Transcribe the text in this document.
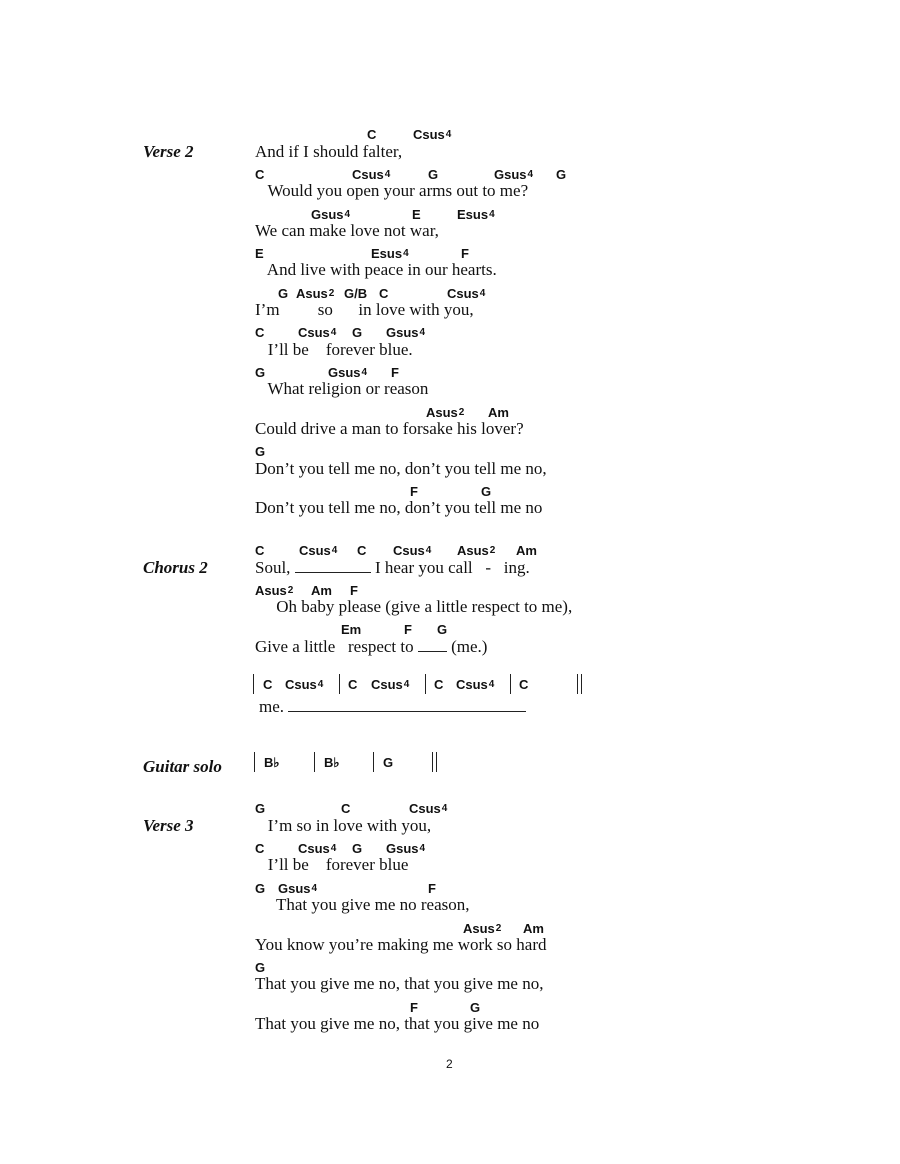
Verse 2
C	Csus$^4$
And if I should falter,
C	Csus$^4$	G	Gsus$^4$ G
Would you open your arms out to me?
Gsus$^4$	E	Esus$^4$
We can make love not war,
E	Esus$^4$	F
And live with peace in our hearts.
G Asus$^2$ G/B C	Csus$^4$
I’m         so      in love with you,
C	Csus$^4$ G Gsus$^4$
I’ll be    forever blue.
G	Gsus$^4$ F
What religion or reason
Asus$^2$ Am
Could drive a man to forsake his lover?
G
Don’t you tell me no, don’t you tell me no,
F	G
Don’t you tell me no, don’t you tell me no
Chorus 2
C	Csus$^4$ C Csus$^4$ Asus$^2$ Am
Soul,	I hear you call   -   ing.
Asus$^2$ Am F
Oh baby please (give a little respect to me),
Em	F G
Give a little   respect to (me.)
C Csus$^4$ C Csus$^4$ C Csus$^4$ C
me.
Guitar solo	B♭	B♭	G
Verse 3
G	C	Csus$^4$
I’m so in love with you,
C	Csus$^4$ G Gsus$^4$
I’ll be    forever blue
G Gsus$^4$	F
That you give me no reason,
Asus$^2$ Am
You know you’re making me work so hard
G
That you give me no, that you give me no,
F	G
That you give me no, that you give me no
2
